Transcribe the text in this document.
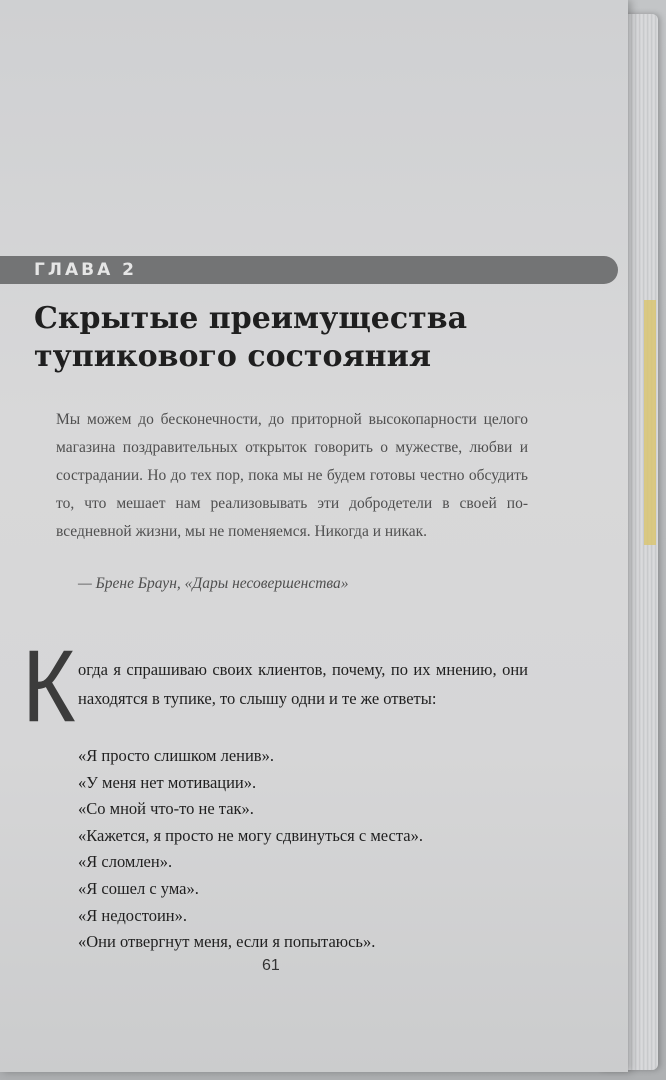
ГЛАВА 2
Скрытые преимущества
тупикового состояния

Мы можем до бесконечности, до приторной высокопарности целого магазина поздравительных открыток говорить о мужестве, любви и сострадании. Но до тех пор, пока мы не будем готовы честно обсудить то, что мешает нам реализовывать эти добродетели в своей повседневной жизни, мы не поменяемся. Никогда и никак.

— Брене Браун, «Дары несовершенства»
К огда я спрашиваю своих клиентов, почему, по их мнению, они находятся в тупике, то слышу одни и те же ответы:

«Я просто слишком ленив».
«У меня нет мотивации».
«Со мной что-то не так».
«Кажется, я просто не могу сдвинуться с места».
«Я сломлен».
«Я сошел с ума».
«Я недостоин».
«Они отвергнут меня, если я попытаюсь».
61
